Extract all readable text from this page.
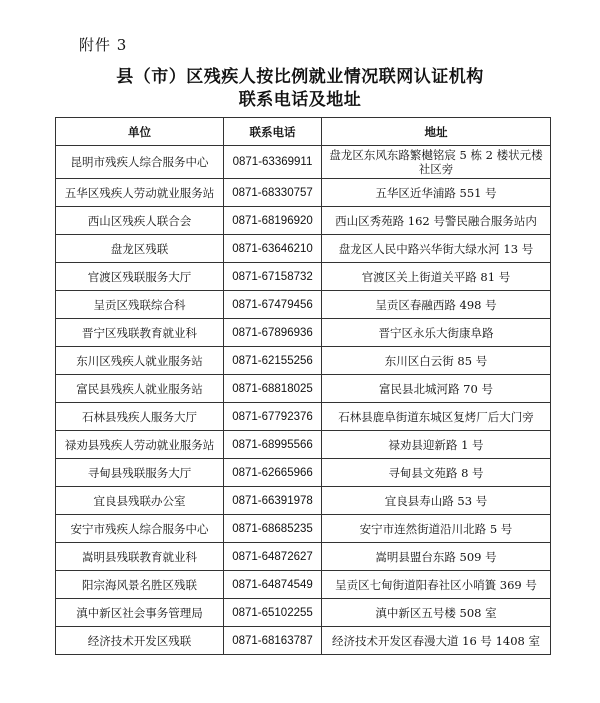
附件 3
县（市）区残疾人按比例就业情况联网认证机构
联系电话及地址
单位	联系电话	地址
昆明市残疾人综合服务中心	0871-63369911	盘龙区东风东路繁樾铭宸 5 栋 2 楼状元楼社区旁
五华区残疾人劳动就业服务站	0871-68330757	五华区近华浦路 551 号
西山区残疾人联合会	0871-68196920	西山区秀苑路 162 号警民融合服务站内
盘龙区残联	0871-63646210	盘龙区人民中路兴华街大绿水河 13 号
官渡区残联服务大厅	0871-67158732	官渡区关上街道关平路 81 号
呈贡区残联综合科	0871-67479456	呈贡区春融西路 498 号
晋宁区残联教育就业科	0871-67896936	晋宁区永乐大街康阜路
东川区残疾人就业服务站	0871-62155256	东川区白云街 85 号
富民县残疾人就业服务站	0871-68818025	富民县北城河路 70 号
石林县残疾人服务大厅	0871-67792376	石林县鹿阜街道东城区复烤厂后大门旁
禄劝县残疾人劳动就业服务站	0871-68995566	禄劝县迎新路 1 号
寻甸县残联服务大厅	0871-62665966	寻甸县文苑路 8 号
宜良县残联办公室	0871-66391978	宜良县寿山路 53 号
安宁市残疾人综合服务中心	0871-68685235	安宁市连然街道沿川北路 5 号
嵩明县残联教育就业科	0871-64872627	嵩明县盟台东路 509 号
阳宗海风景名胜区残联	0871-64874549	呈贡区七甸街道阳春社区小哨簣 369 号
滇中新区社会事务管理局	0871-65102255	滇中新区五号楼 508 室
经济技术开发区残联	0871-68163787	经济技术开发区春漫大道 16 号 1408 室
